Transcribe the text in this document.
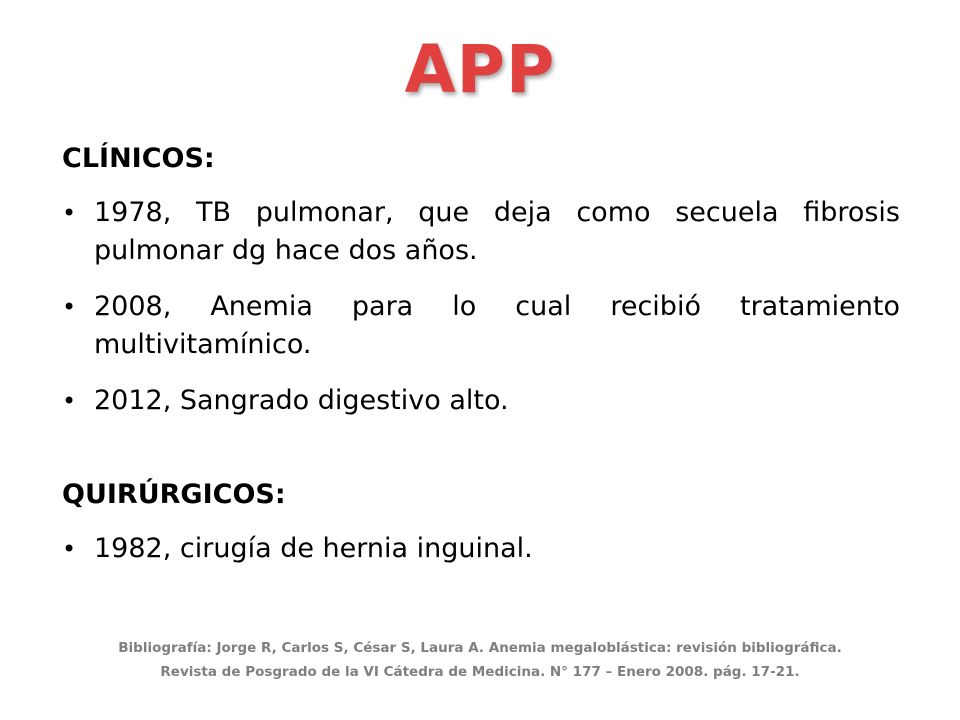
APP
CLÍNICOS:
• 1978, TB pulmonar, que deja como secuela fibrosis pulmonar dg hace dos años.
• 2008, Anemia para lo cual recibió tratamiento multivitamínico.
• 2012, Sangrado digestivo alto.
QUIRÚRGICOS:
• 1982, cirugía de hernia inguinal.
Bibliografía: Jorge R, Carlos S, César S, Laura A. Anemia megaloblástica: revisión bibliográfica.
Revista de Posgrado de la VI Cátedra de Medicina. N° 177 – Enero 2008. pág. 17-21.
